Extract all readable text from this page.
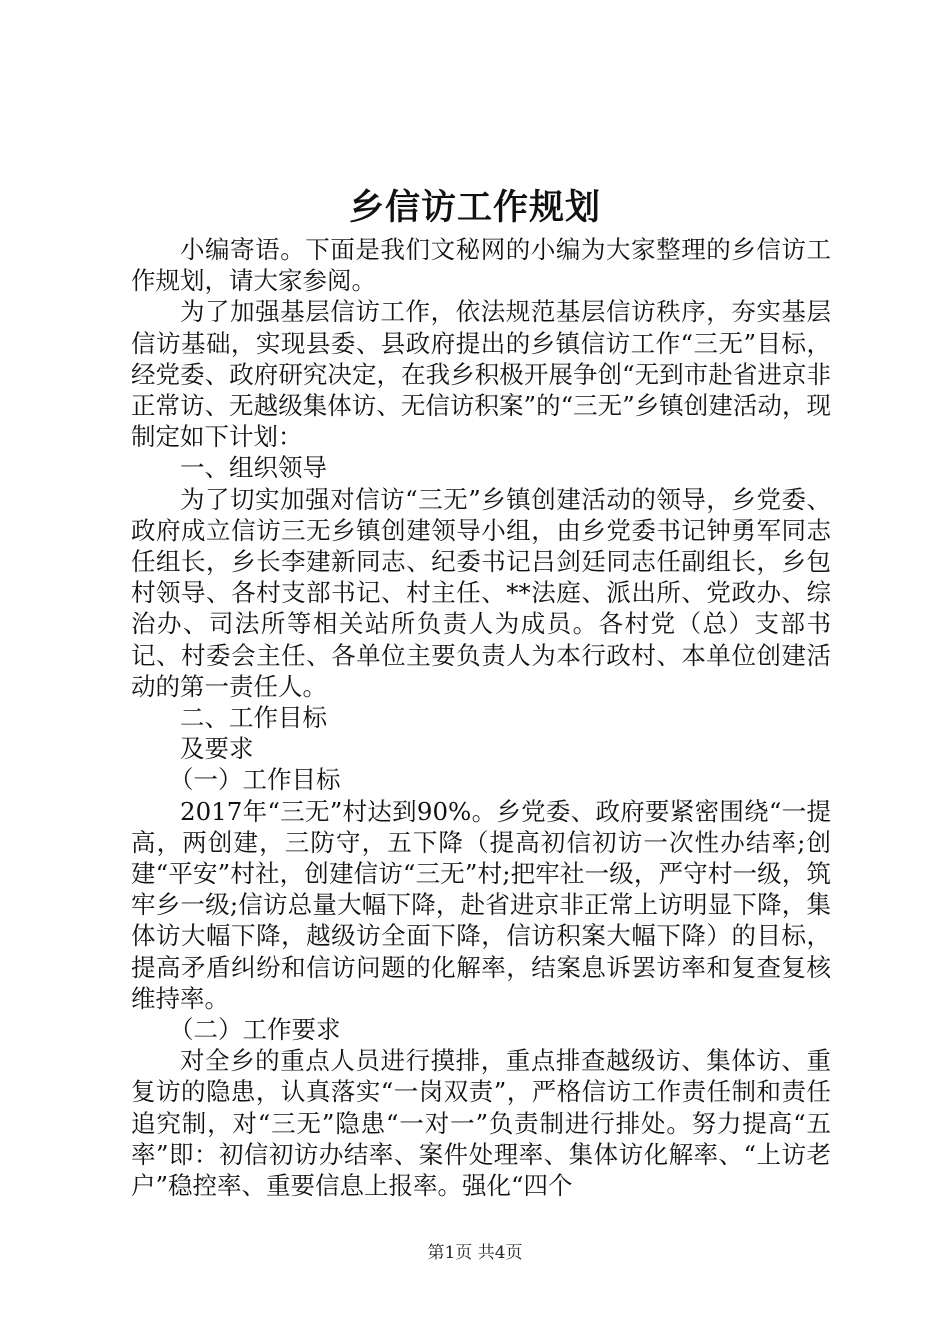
乡信访工作规划

小编寄语。下面是我们文秘网的小编为大家整理的乡信访工作规划，请大家参阅。

为了加强基层信访工作，依法规范基层信访秩序，夯实基层信访基础，实现县委、县政府提出的乡镇信访工作“三无”目标，经党委、政府研究决定，在我乡积极开展争创“无到市赴省进京非正常访、无越级集体访、无信访积案”的“三无”乡镇创建活动，现制定如下计划：

一、组织领导

为了切实加强对信访“三无”乡镇创建活动的领导，乡党委、政府成立信访三无乡镇创建领导小组，由乡党委书记钟勇军同志任组长，乡长李建新同志、纪委书记吕剑廷同志任副组长，乡包村领导、各村支部书记、村主任、**法庭、派出所、党政办、综治办、司法所等相关站所负责人为成员。各村党（总）支部书记、村委会主任、各单位主要负责人为本行政村、本单位创建活动的第一责任人。

二、工作目标

及要求

（一）工作目标

2017年“三无”村达到90%。乡党委、政府要紧密围绕“一提高，两创建，三防守，五下降（提高初信初访一次性办结率;创建“平安”村社，创建信访“三无”村;把牢社一级，严守村一级，筑牢乡一级;信访总量大幅下降，赴省进京非正常上访明显下降，集体访大幅下降，越级访全面下降，信访积案大幅下降）的目标，提高矛盾纠纷和信访问题的化解率，结案息诉罢访率和复查复核维持率。

（二）工作要求

对全乡的重点人员进行摸排，重点排查越级访、集体访、重复访的隐患，认真落实“一岗双责”，严格信访工作责任制和责任追究制，对“三无”隐患“一对一”负责制进行排处。努力提高“五率”即：初信初访办结率、案件处理率、集体访化解率、“上访老户”稳控率、重要信息上报率。强化“四个

第1页 共4页
